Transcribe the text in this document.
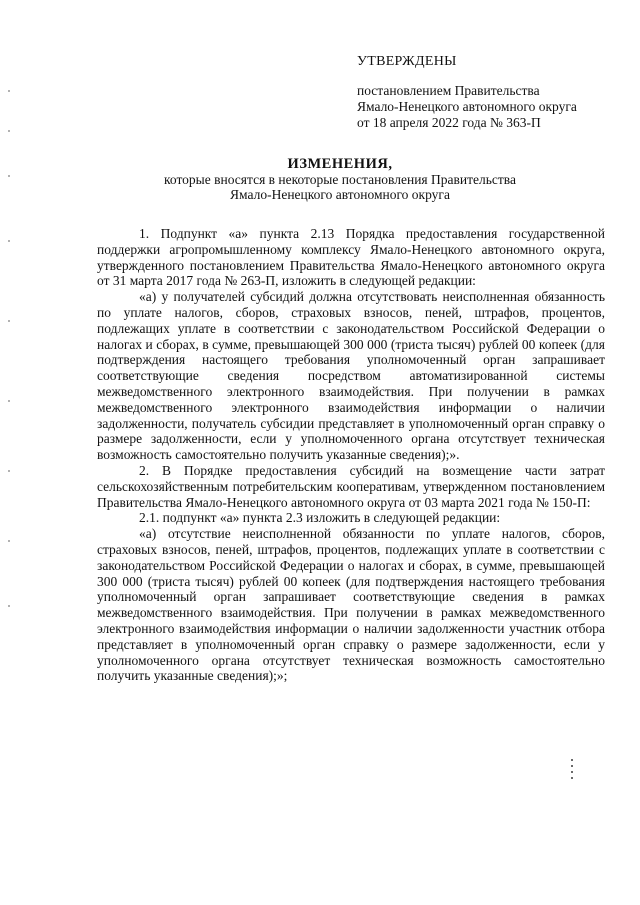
УТВЕРЖДЕНЫ

постановлением Правительства

Ямало-Ненецкого автономного округа

от 18 апреля 2022 года № 363-П

ИЗМЕНЕНИЯ,

которые вносятся в некоторые постановления Правительства

Ямало-Ненецкого автономного округа

1. Подпункт «а» пункта 2.13 Порядка предоставления государственной поддержки агропромышленному комплексу Ямало-Ненецкого автономного округа, утвержденного постановлением Правительства Ямало-Ненецкого автономного округа от 31 марта 2017 года № 263-П, изложить в следующей редакции:

«а) у получателей субсидий должна отсутствовать неисполненная обязанность по уплате налогов, сборов, страховых взносов, пеней, штрафов, процентов, подлежащих уплате в соответствии с законодательством Российской Федерации о налогах и сборах, в сумме, превышающей 300 000 (триста тысяч) рублей 00 копеек (для подтверждения настоящего требования уполномоченный орган запрашивает соответствующие сведения посредством автоматизированной системы межведомственного электронного взаимодействия. При получении в рамках межведомственного электронного взаимодействия информации о наличии задолженности, получатель субсидии представляет в уполномоченный орган справку о размере задолженности, если у уполномоченного органа отсутствует техническая возможность самостоятельно получить указанные сведения);».

2. В Порядке предоставления субсидий на возмещение части затрат сельскохозяйственным потребительским кооперативам, утвержденном постановлением Правительства Ямало-Ненецкого автономного округа от 03 марта 2021 года № 150-П:

2.1. подпункт «а» пункта 2.3 изложить в следующей редакции:

«а) отсутствие неисполненной обязанности по уплате налогов, сборов, страховых взносов, пеней, штрафов, процентов, подлежащих уплате в соответствии с законодательством Российской Федерации о налогах и сборах, в сумме, превышающей 300 000 (триста тысяч) рублей 00 копеек (для подтверждения настоящего требования уполномоченный орган запрашивает соответствующие сведения в рамках межведомственного взаимодействия. При получении в рамках межведомственного электронного взаимодействия информации о наличии задолженности участник отбора представляет в уполномоченный орган справку о размере задолженности, если у уполномоченного органа отсутствует техническая возможность самостоятельно получить указанные сведения);»;
